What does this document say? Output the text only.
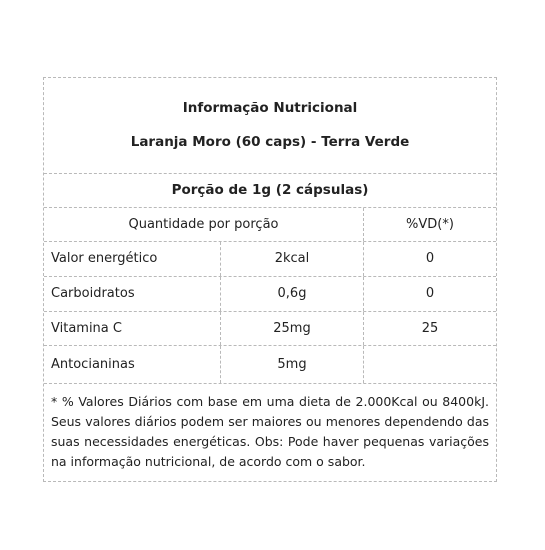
Informação Nutricional
Laranja Moro (60 caps) - Terra Verde
Porção de 1g (2 cápsulas)
Quantidade por porção	%VD(*)
Valor energético	2kcal	0
Carboidratos	0,6g	0
Vitamina C	25mg	25
Antocianinas	5mg
* % Valores Diários com base em uma dieta de 2.000Kcal ou 8400kJ. Seus valores diários podem ser maiores ou menores dependendo das suas necessidades energéticas. Obs: Pode haver pequenas variações na informação nutricional, de acordo com o sabor.
